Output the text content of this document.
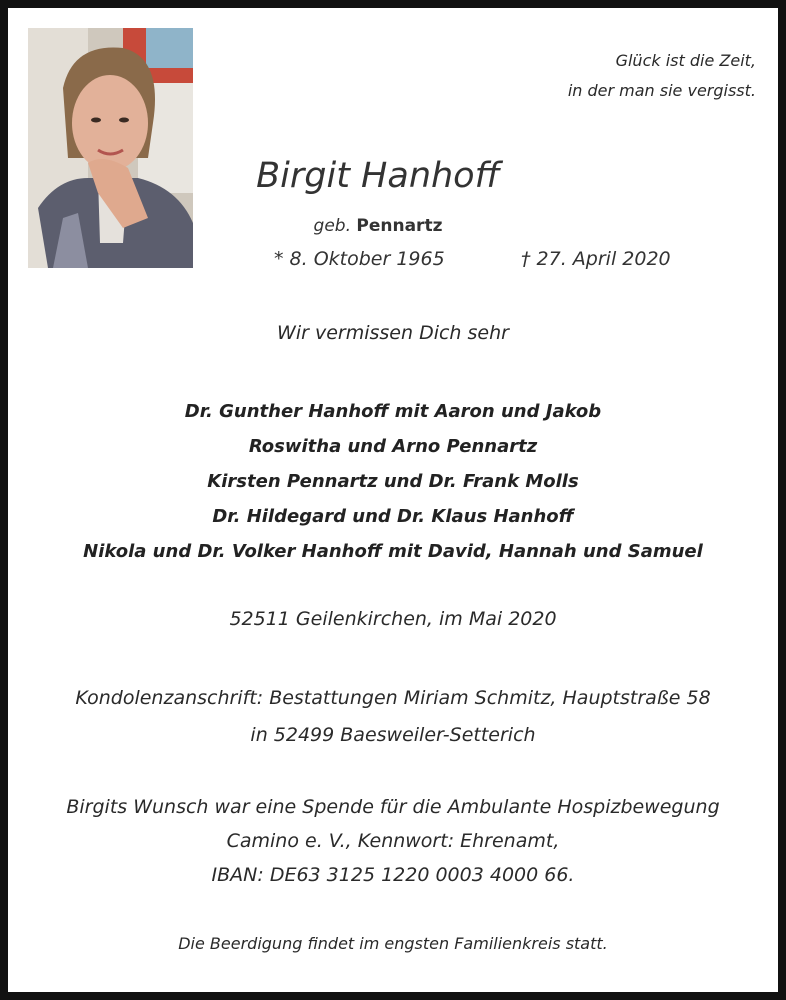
Glück ist die Zeit,
in der man sie vergisst.
Birgit Hanhoff
geb. Pennartz
* 8. Oktober 1965	† 27. April 2020
Wir vermissen Dich sehr
Dr. Gunther Hanhoff mit Aaron und Jakob
Roswitha und Arno Pennartz
Kirsten Pennartz und Dr. Frank Molls
Dr. Hildegard und Dr. Klaus Hanhoff
Nikola und Dr. Volker Hanhoff mit David, Hannah und Samuel
52511 Geilenkirchen, im Mai 2020
Kondolenzanschrift: Bestattungen Miriam Schmitz, Hauptstraße 58
in 52499 Baesweiler-Setterich
Birgits Wunsch war eine Spende für die Ambulante Hospizbewegung
Camino e. V., Kennwort: Ehrenamt,
IBAN: DE63 3125 1220 0003 4000 66.
Die Beerdigung findet im engsten Familienkreis statt.
